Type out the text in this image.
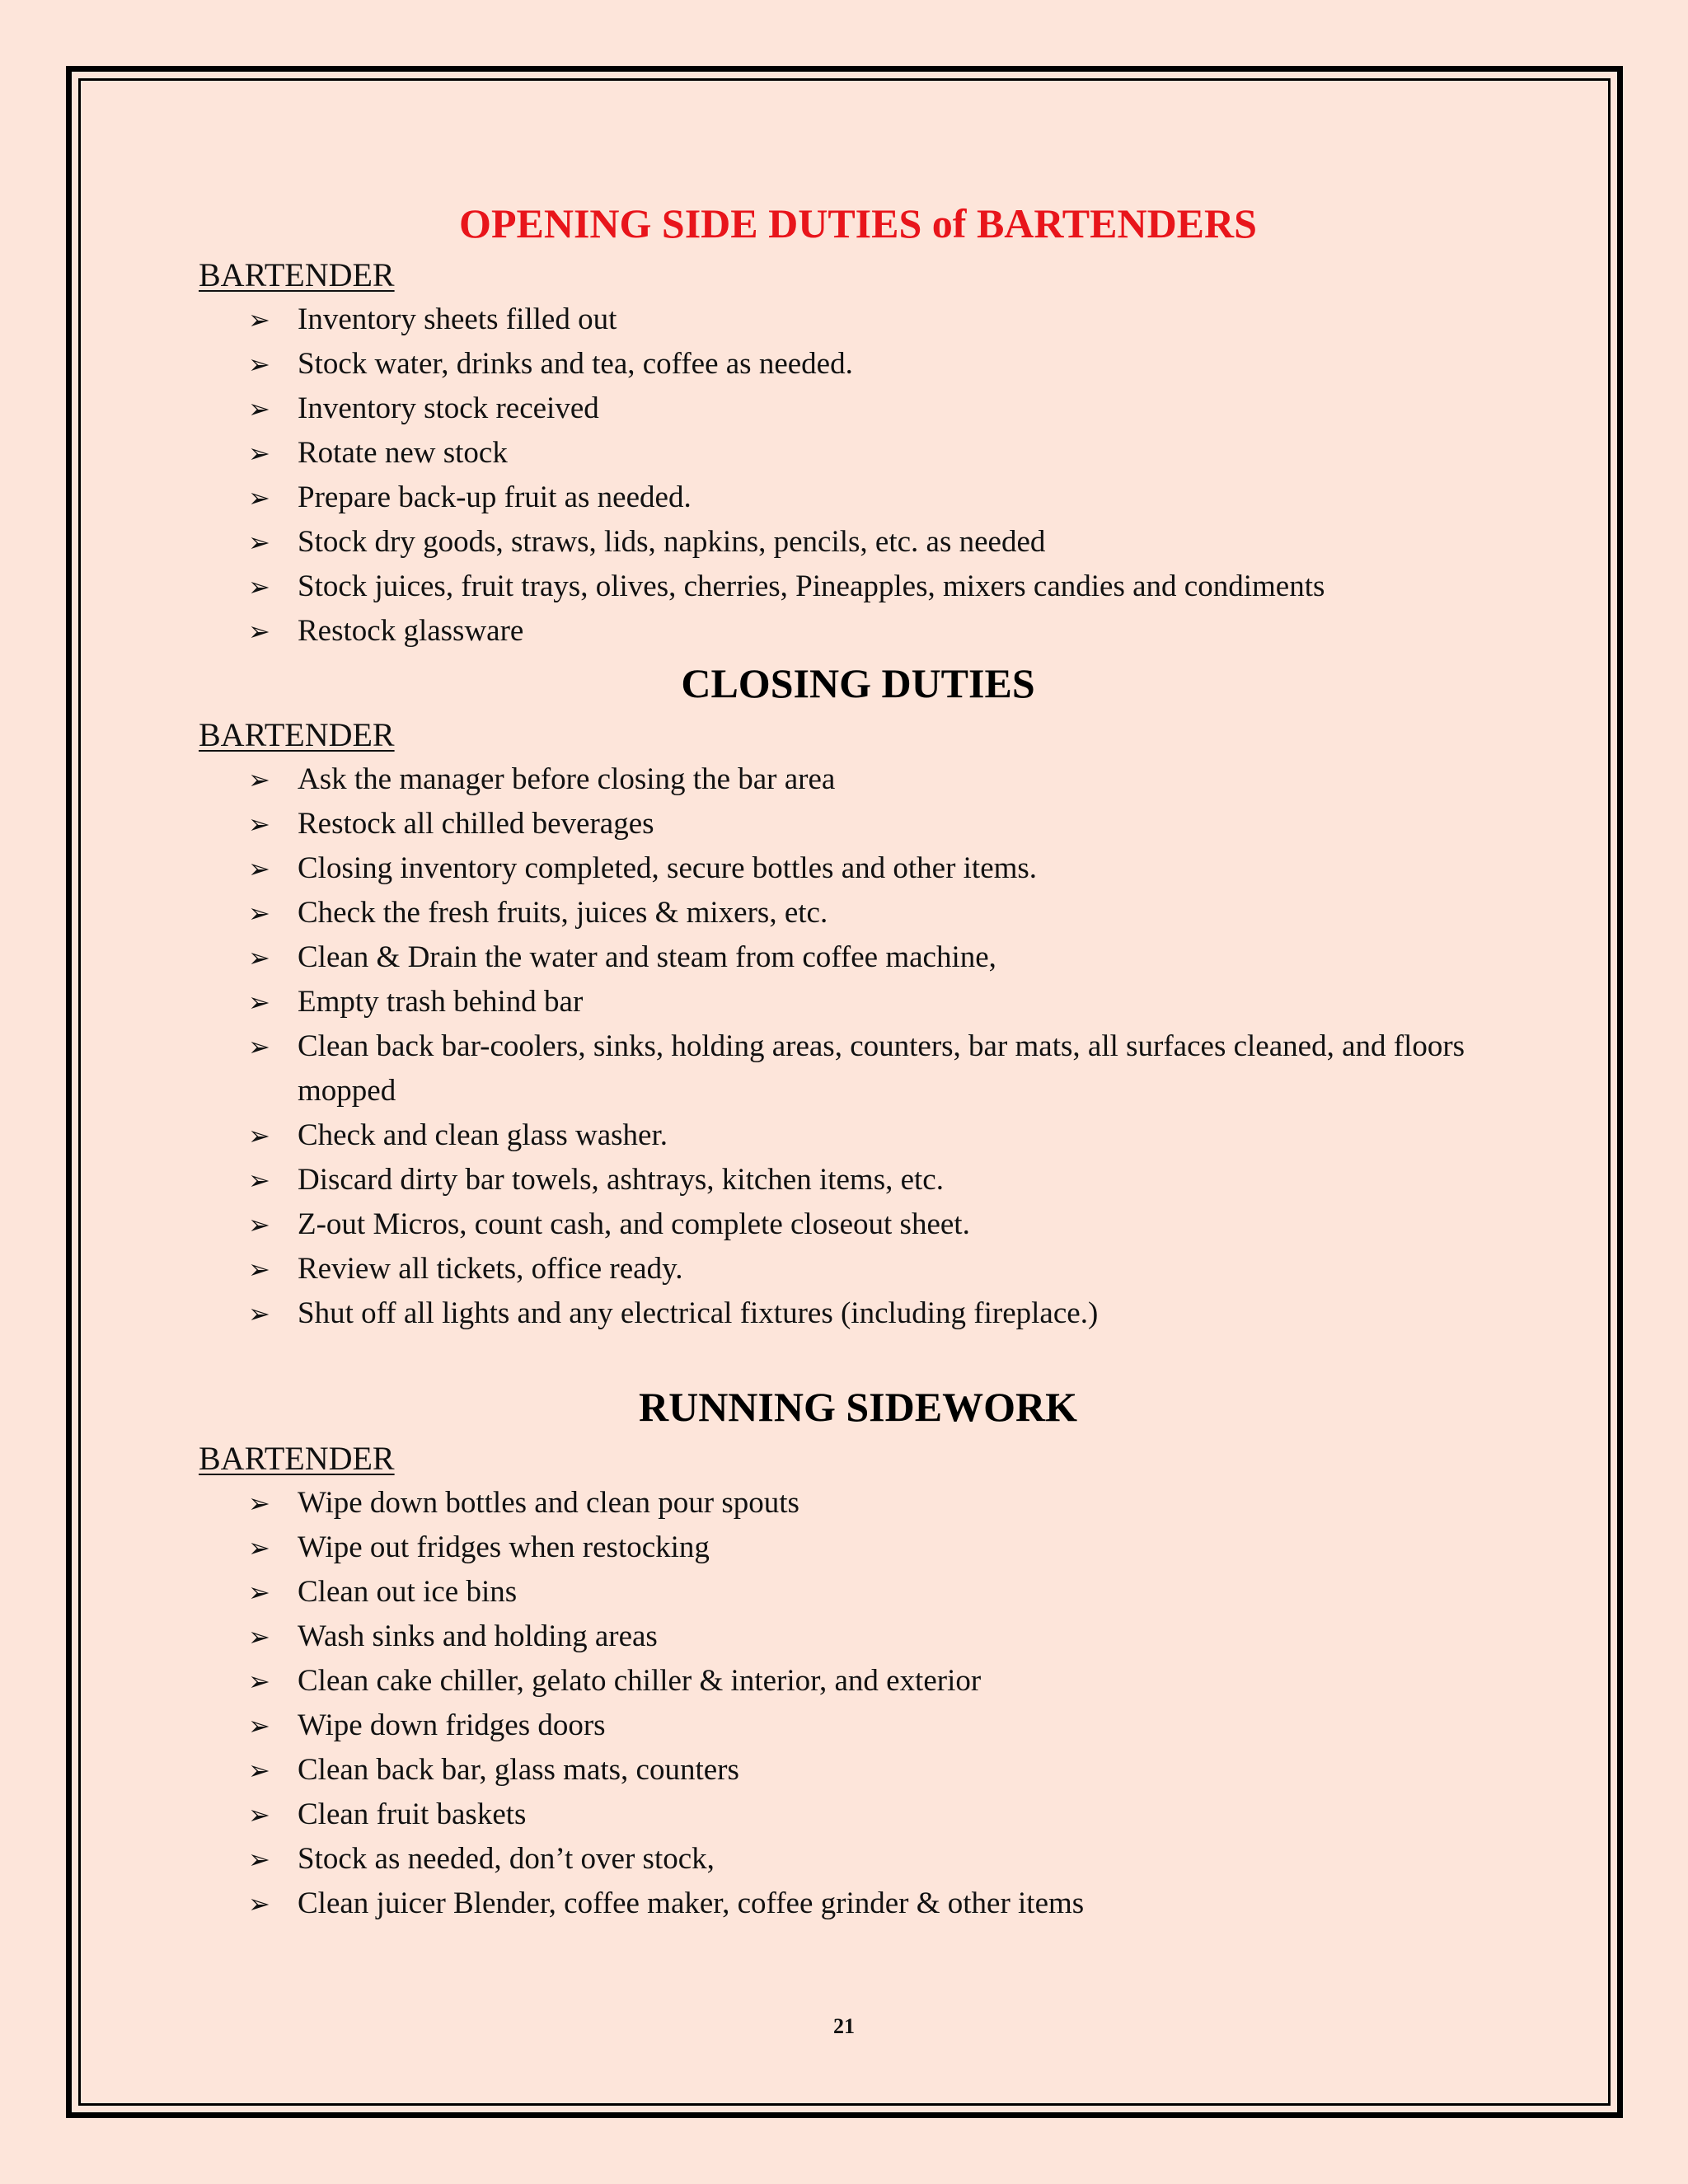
OPENING SIDE DUTIES of BARTENDERS

BARTENDER

➢ Inventory sheets filled out
➢ Stock water, drinks and tea, coffee as needed.
➢ Inventory stock received
➢ Rotate new stock
➢ Prepare back-up fruit as needed.
➢ Stock dry goods, straws, lids, napkins, pencils, etc. as needed
➢ Stock juices, fruit trays, olives, cherries, Pineapples, mixers candies and condiments
➢ Restock glassware
CLOSING DUTIES

BARTENDER

➢ Ask the manager before closing the bar area
➢ Restock all chilled beverages
➢ Closing inventory completed, secure bottles and other items.
➢ Check the fresh fruits, juices & mixers, etc.
➢ Clean & Drain the water and steam from coffee machine,
➢ Empty trash behind bar
➢ Clean back bar-coolers, sinks, holding areas, counters, bar mats, all surfaces cleaned, and floors mopped
➢ Check and clean glass washer.
➢ Discard dirty bar towels, ashtrays, kitchen items, etc.
➢ Z-out Micros, count cash, and complete closeout sheet.
➢ Review all tickets, office ready.
➢ Shut off all lights and any electrical fixtures (including fireplace.)
RUNNING SIDEWORK

BARTENDER

➢ Wipe down bottles and clean pour spouts
➢ Wipe out fridges when restocking
➢ Clean out ice bins
➢ Wash sinks and holding areas
➢ Clean cake chiller, gelato chiller & interior, and exterior
➢ Wipe down fridges doors
➢ Clean back bar, glass mats, counters
➢ Clean fruit baskets
➢ Stock as needed, don’t over stock,
➢ Clean juicer Blender, coffee maker, coffee grinder & other items
21
